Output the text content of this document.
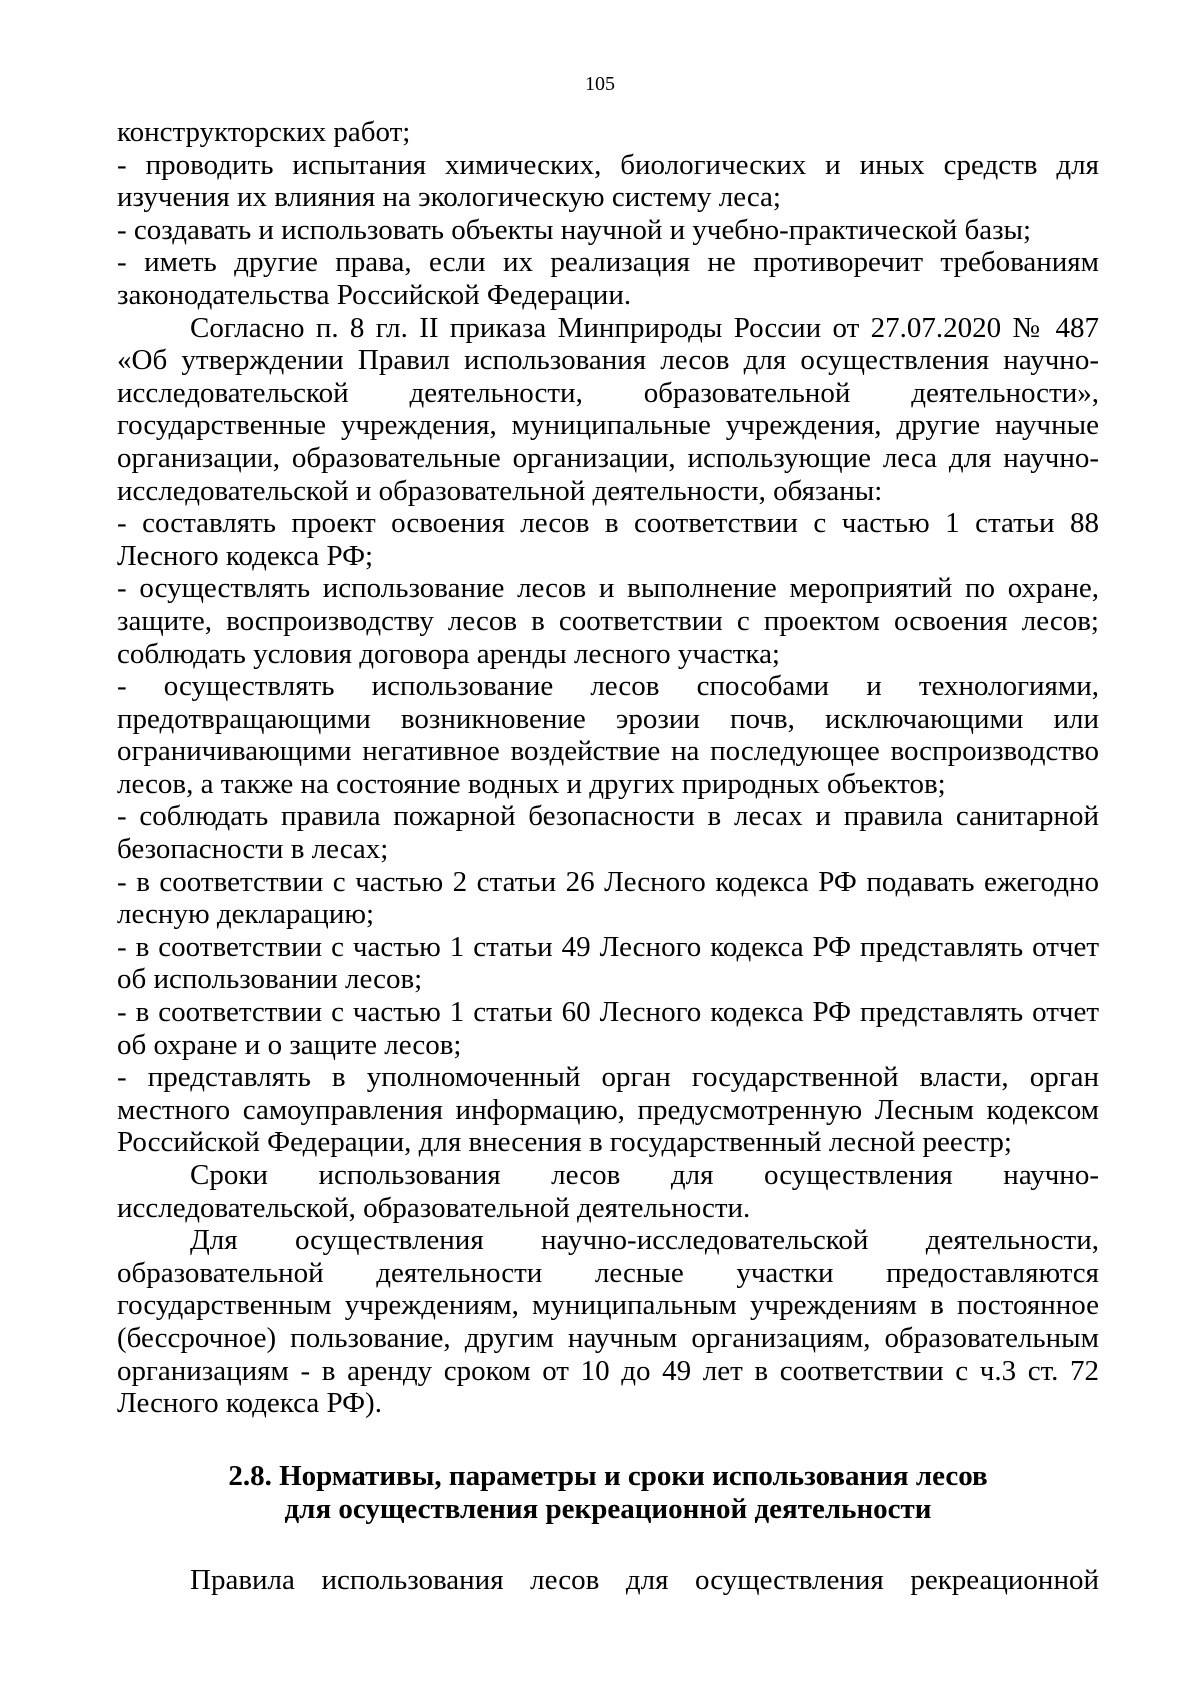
105

конструкторских работ;

- проводить испытания химических, биологических и иных средств для изучения их влияния на экологическую систему леса;

- создавать и использовать объекты научной и учебно-практической базы;

- иметь другие права, если их реализация не противоречит требованиям законодательства Российской Федерации.

Согласно п. 8 гл. II приказа Минприроды России от 27.07.2020 № 487 «Об утверждении Правил использования лесов для осуществления научно-исследовательской деятельности, образовательной деятельности», государственные учреждения, муниципальные учреждения, другие научные организации, образовательные организации, использующие леса для научно-исследовательской и образовательной деятельности, обязаны:

- составлять проект освоения лесов в соответствии с частью 1 статьи 88 Лесного кодекса РФ;

- осуществлять использование лесов и выполнение мероприятий по охране, защите, воспроизводству лесов в соответствии с проектом освоения лесов; соблюдать условия договора аренды лесного участка;

- осуществлять использование лесов способами и технологиями, предотвращающими возникновение эрозии почв, исключающими или ограничивающими негативное воздействие на последующее воспроизводство лесов, а также на состояние водных и других природных объектов;

- соблюдать правила пожарной безопасности в лесах и правила санитарной безопасности в лесах;

- в соответствии с частью 2 статьи 26 Лесного кодекса РФ подавать ежегодно лесную декларацию;

- в соответствии с частью 1 статьи 49 Лесного кодекса РФ представлять отчет об использовании лесов;

- в соответствии с частью 1 статьи 60 Лесного кодекса РФ представлять отчет об охране и о защите лесов;

- представлять в уполномоченный орган государственной власти, орган местного самоуправления информацию, предусмотренную Лесным кодексом Российской Федерации, для внесения в государственный лесной реестр;

Сроки использования лесов для осуществления научно-исследовательской, образовательной деятельности.

Для осуществления научно-исследовательской деятельности, образовательной деятельности лесные участки предоставляются государственным учреждениям, муниципальным учреждениям в постоянное (бессрочное) пользование, другим научным организациям, образовательным организациям - в аренду сроком от 10 до 49 лет в соответствии с ч.3 ст. 72 Лесного кодекса РФ).

2.8. Нормативы, параметры и сроки использования лесов
для осуществления рекреационной деятельности

Правила использования лесов для осуществления рекреационной
